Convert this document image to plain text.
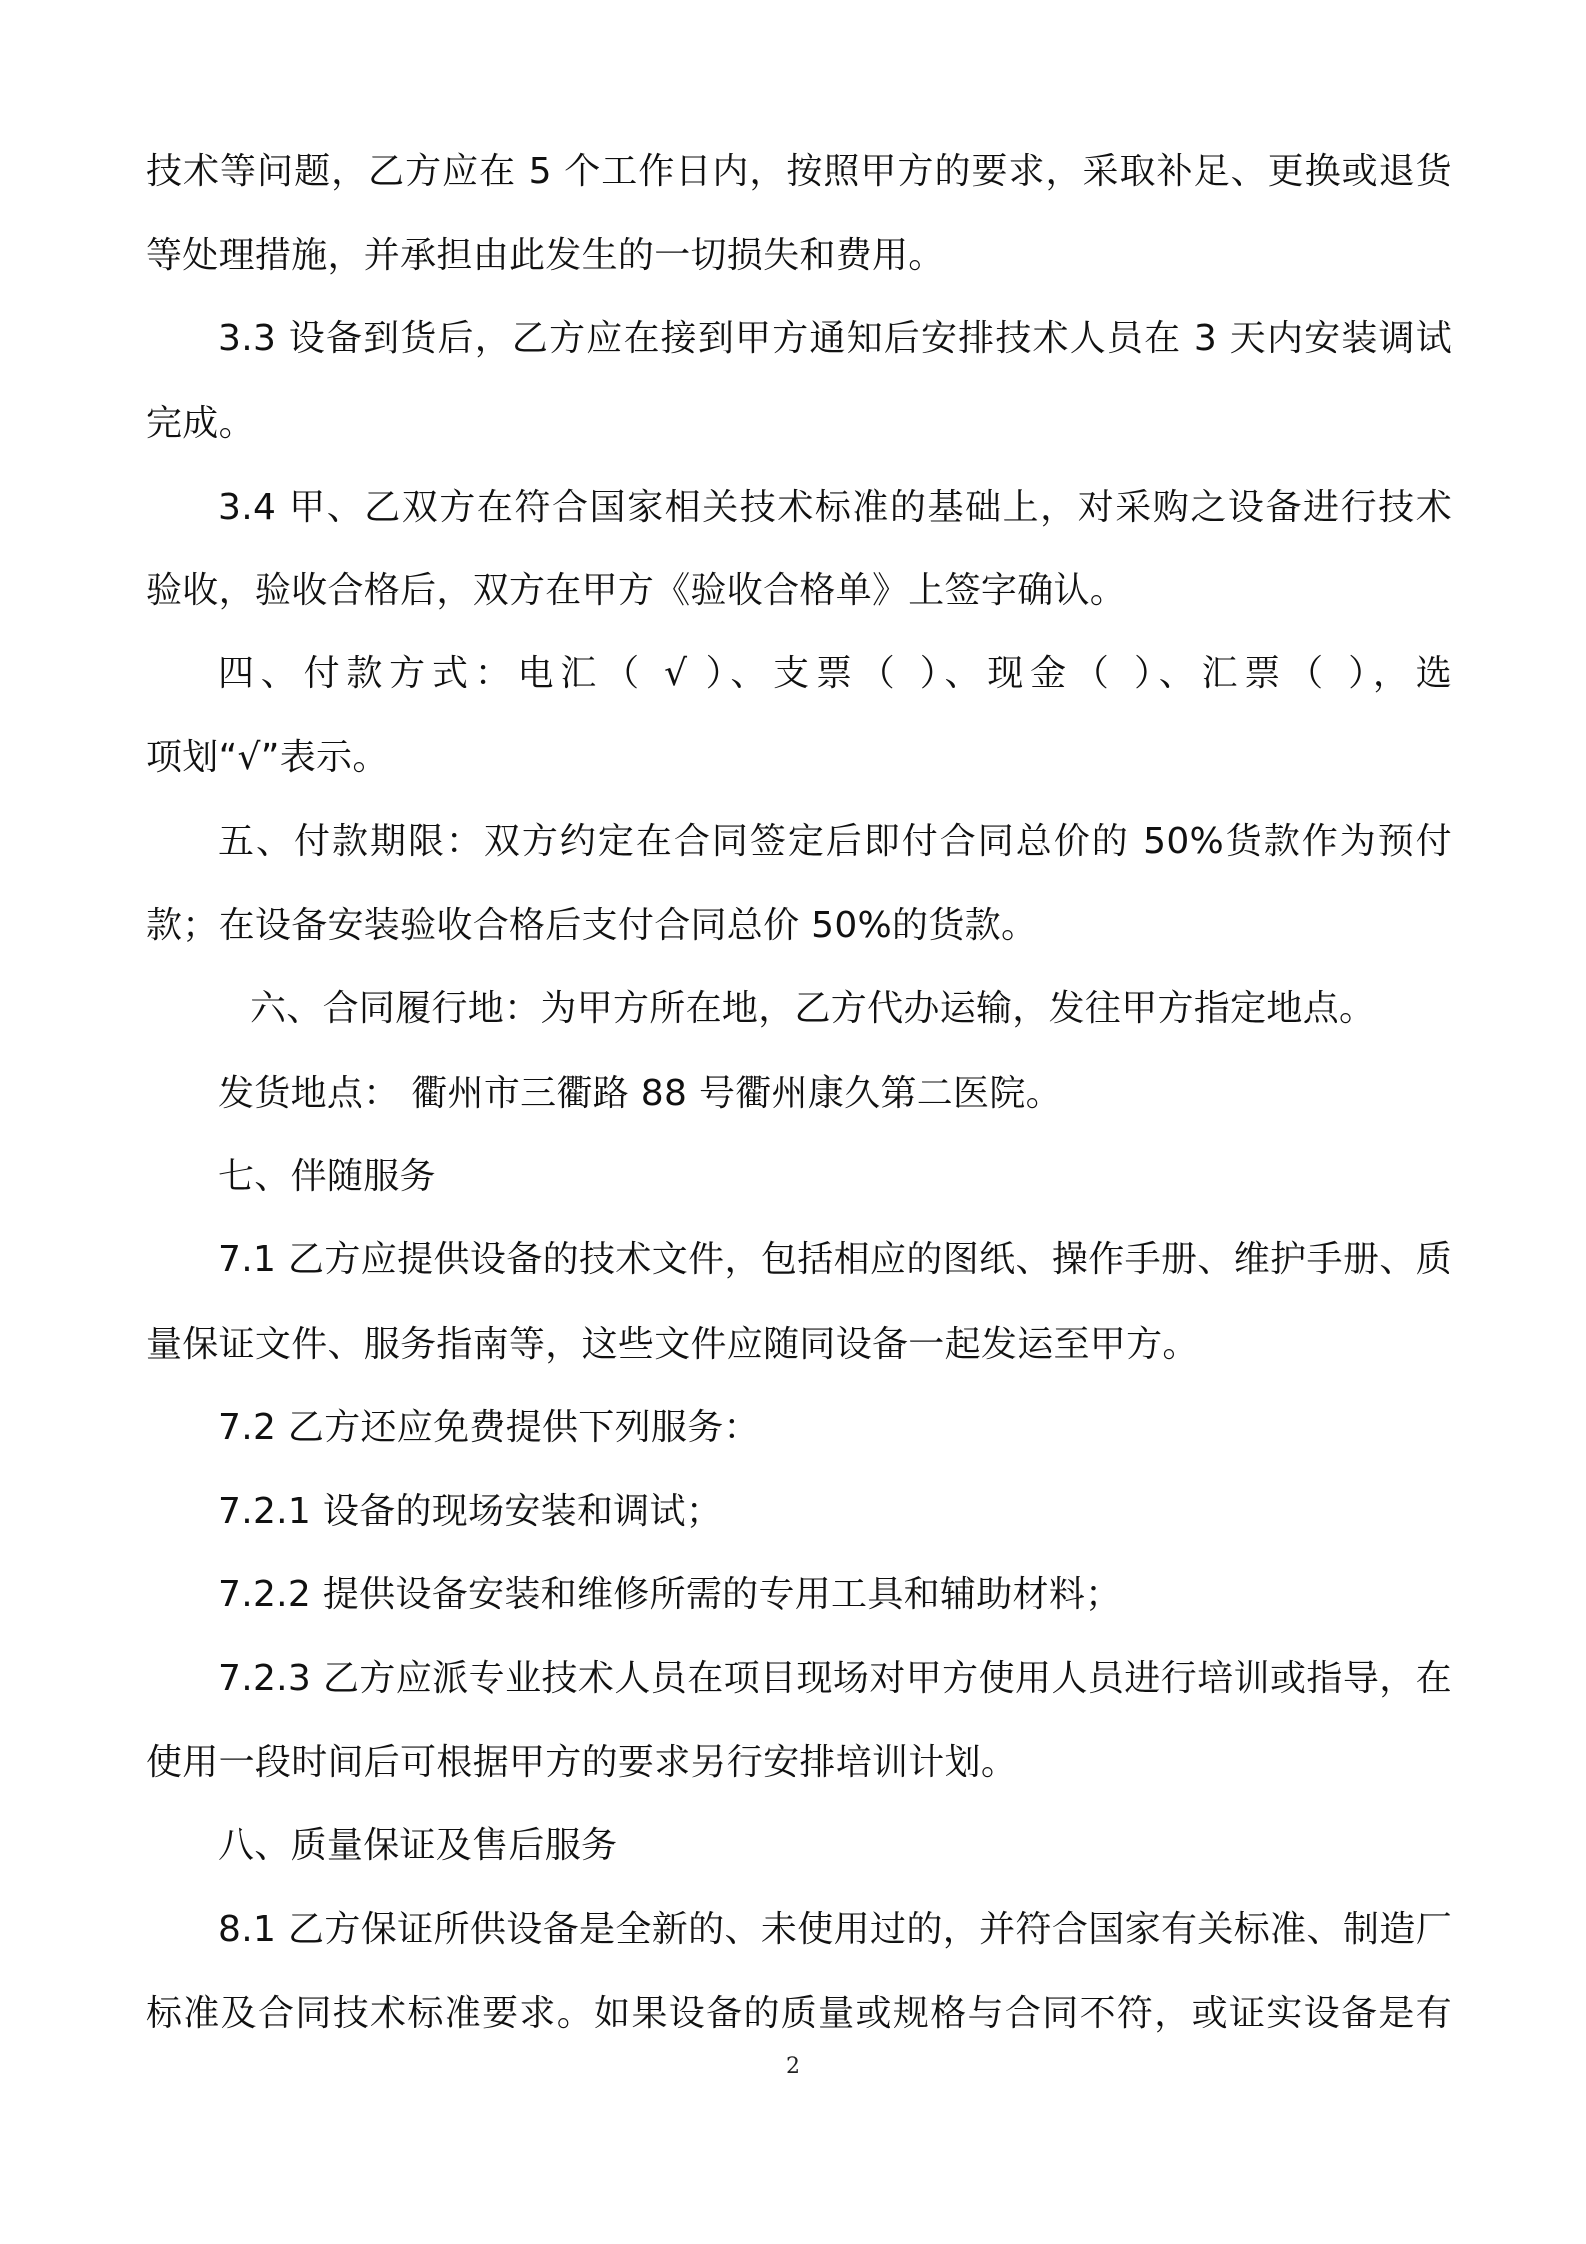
技术等问题，乙方应在 5 个工作日内，按照甲方的要求，采取补足、更换或退货
等处理措施，并承担由此发生的一切损失和费用。
3.3 设备到货后，乙方应在接到甲方通知后安排技术人员在 3 天内安装调试
完成。
3.4 甲、乙双方在符合国家相关技术标准的基础上，对采购之设备进行技术
验收，验收合格后，双方在甲方《验收合格单》上签字确认。
四、付款方式：电汇（ √ ）、支票（ ）、现金（ ）、汇票（ ），选
项划“√”表示。
五、付款期限：双方约定在合同签定后即付合同总价的 50%货款作为预付
款；在设备安装验收合格后支付合同总价 50%的货款。
六、合同履行地：为甲方所在地，乙方代办运输，发往甲方指定地点。
发货地点： 衢州市三衢路 88 号衢州康久第二医院。
七、伴随服务
7.1 乙方应提供设备的技术文件，包括相应的图纸、操作手册、维护手册、质
量保证文件、服务指南等，这些文件应随同设备一起发运至甲方。
7.2 乙方还应免费提供下列服务：
7.2.1 设备的现场安装和调试；
7.2.2 提供设备安装和维修所需的专用工具和辅助材料；
7.2.3 乙方应派专业技术人员在项目现场对甲方使用人员进行培训或指导，在
使用一段时间后可根据甲方的要求另行安排培训计划。
八、质量保证及售后服务
8.1 乙方保证所供设备是全新的、未使用过的，并符合国家有关标准、制造厂
标准及合同技术标准要求。如果设备的质量或规格与合同不符，或证实设备是有
2
